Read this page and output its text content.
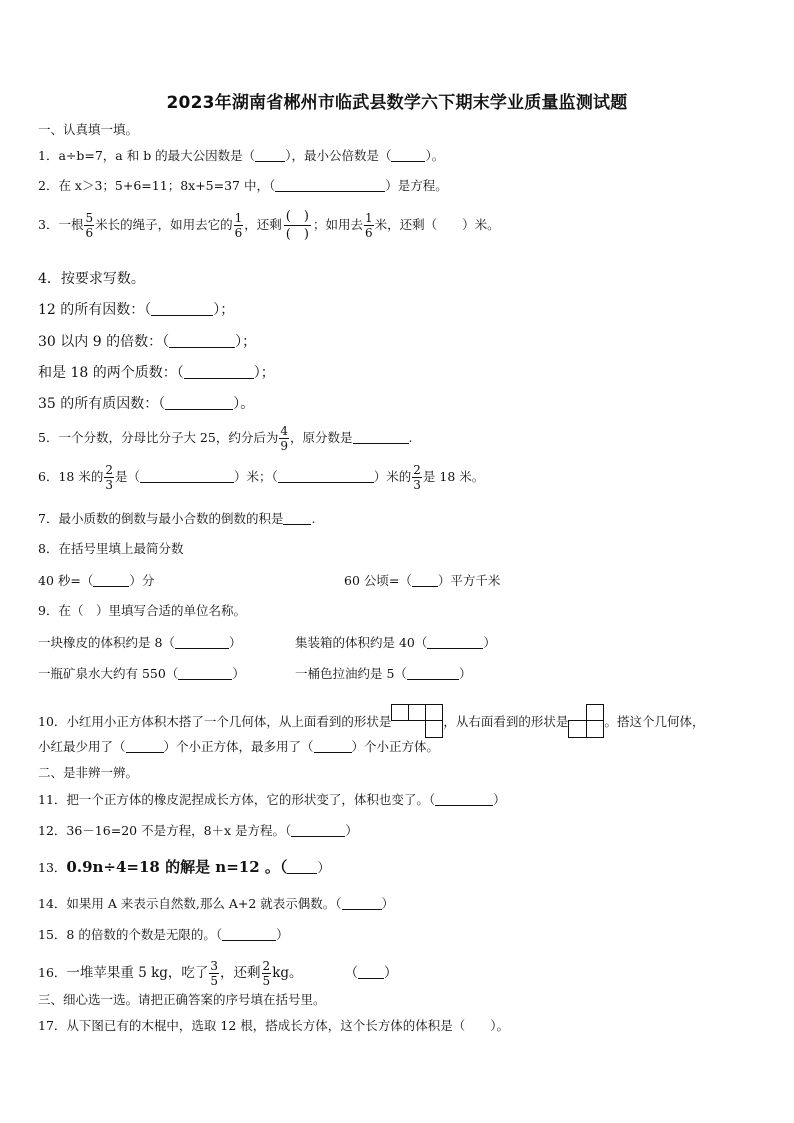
2023年湖南省郴州市临武县数学六下期末学业质量监测试题
一、认真填一填。
1．a÷b=7，a 和 b 的最大公因数是（ ），最小公倍数是（	）。
2．在 x＞3；5+6=11；8x+5=37 中，（	）是方程。
3．一根 $\frac{5}{6}$ 米长的绳子，如用去它的 $\frac{1}{6}$ ，还剩
(　)
(　)
；如用去 $\frac{1}{6}$ 米，还剩（　　）米。
4．按要求写数。
12 的所有因数：（	）；
30 以内 9 的倍数：（	）；
和是 18 的两个质数：（	）；
35 的所有质因数：（	）。
5．一个分数，分母比分子大 25，约分后为 $\frac{4}{9}$ ，原分数是	.
6．18 米的 $\frac{2}{3}$ 是（	）米；（	）米的 $\frac{2}{3}$ 是 18 米。
7．最小质数的倒数与最小合数的倒数的积是 .
8．在括号里填上最简分数
40 秒=（	）分	60 公顷=（ ）平方千米
9．在（　）里填写合适的单位名称。
一块橡皮的体积约是 8（	）	集装箱的体积约是 40（	）
一瓶矿泉水大约有 550（	）	一桶色拉油约是 5（	）
10．小红用小正方体积木搭了一个几何体，从上面看到的形状是	，从右面看到的形状是	。搭这个几何体，
小红最少用了（	）个小正方体，最多用了（	）个小正方体。
二、是非辨一辨。
11．把一个正方体的橡皮泥捏成长方体，它的形状变了，体积也变了。（	）
12．36－16=20 不是方程，8＋x 是方程。（	）
13．0.9n÷4=18 的解是 n=12 。（ ）
14．如果用 A 来表示自然数,那么 A+2 就表示偶数。（	）
15．8 的倍数的个数是无限的。（	）
16．一堆苹果重 5 kg，吃了 $\frac{3}{5}$ ，还剩 $\frac{2}{5}$ kg。	（ ）
三、细心选一选。请把正确答案的序号填在括号里。
17．从下图已有的木棍中，选取 12 根，搭成长方体，这个长方体的体积是（　　）。
